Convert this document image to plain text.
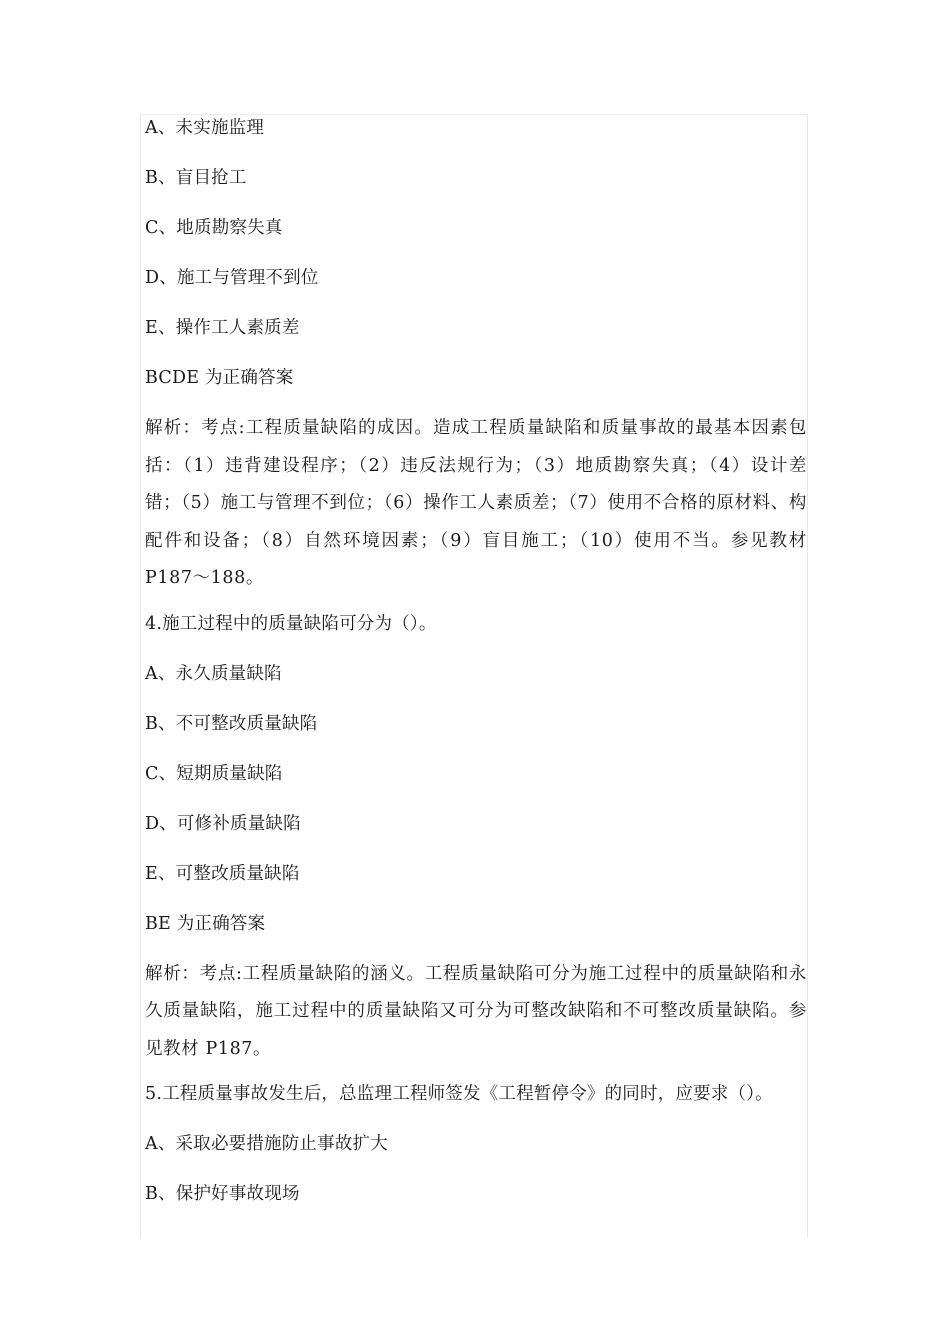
A、未实施监理
B、盲目抢工
C、地质勘察失真
D、施工与管理不到位
E、操作工人素质差
BCDE 为正确答案
解析：考点:工程质量缺陷的成因。造成工程质量缺陷和质量事故的最基本因素包括：（1）违背建设程序；（2）违反法规行为；（3）地质勘察失真；（4）设计差错；（5）施工与管理不到位；（6）操作工人素质差；（7）使用不合格的原材料、构配件和设备；（8）自然环境因素；（9）盲目施工；（10）使用不当。参见教材 P187～188。
4.施工过程中的质量缺陷可分为（）。
A、永久质量缺陷
B、不可整改质量缺陷
C、短期质量缺陷
D、可修补质量缺陷
E、可整改质量缺陷
BE 为正确答案
解析：考点:工程质量缺陷的涵义。工程质量缺陷可分为施工过程中的质量缺陷和永久质量缺陷，施工过程中的质量缺陷又可分为可整改缺陷和不可整改质量缺陷。参见教材 P187。
5.工程质量事故发生后，总监理工程师签发《工程暂停令》的同时，应要求（）。
A、采取必要措施防止事故扩大
B、保护好事故现场
